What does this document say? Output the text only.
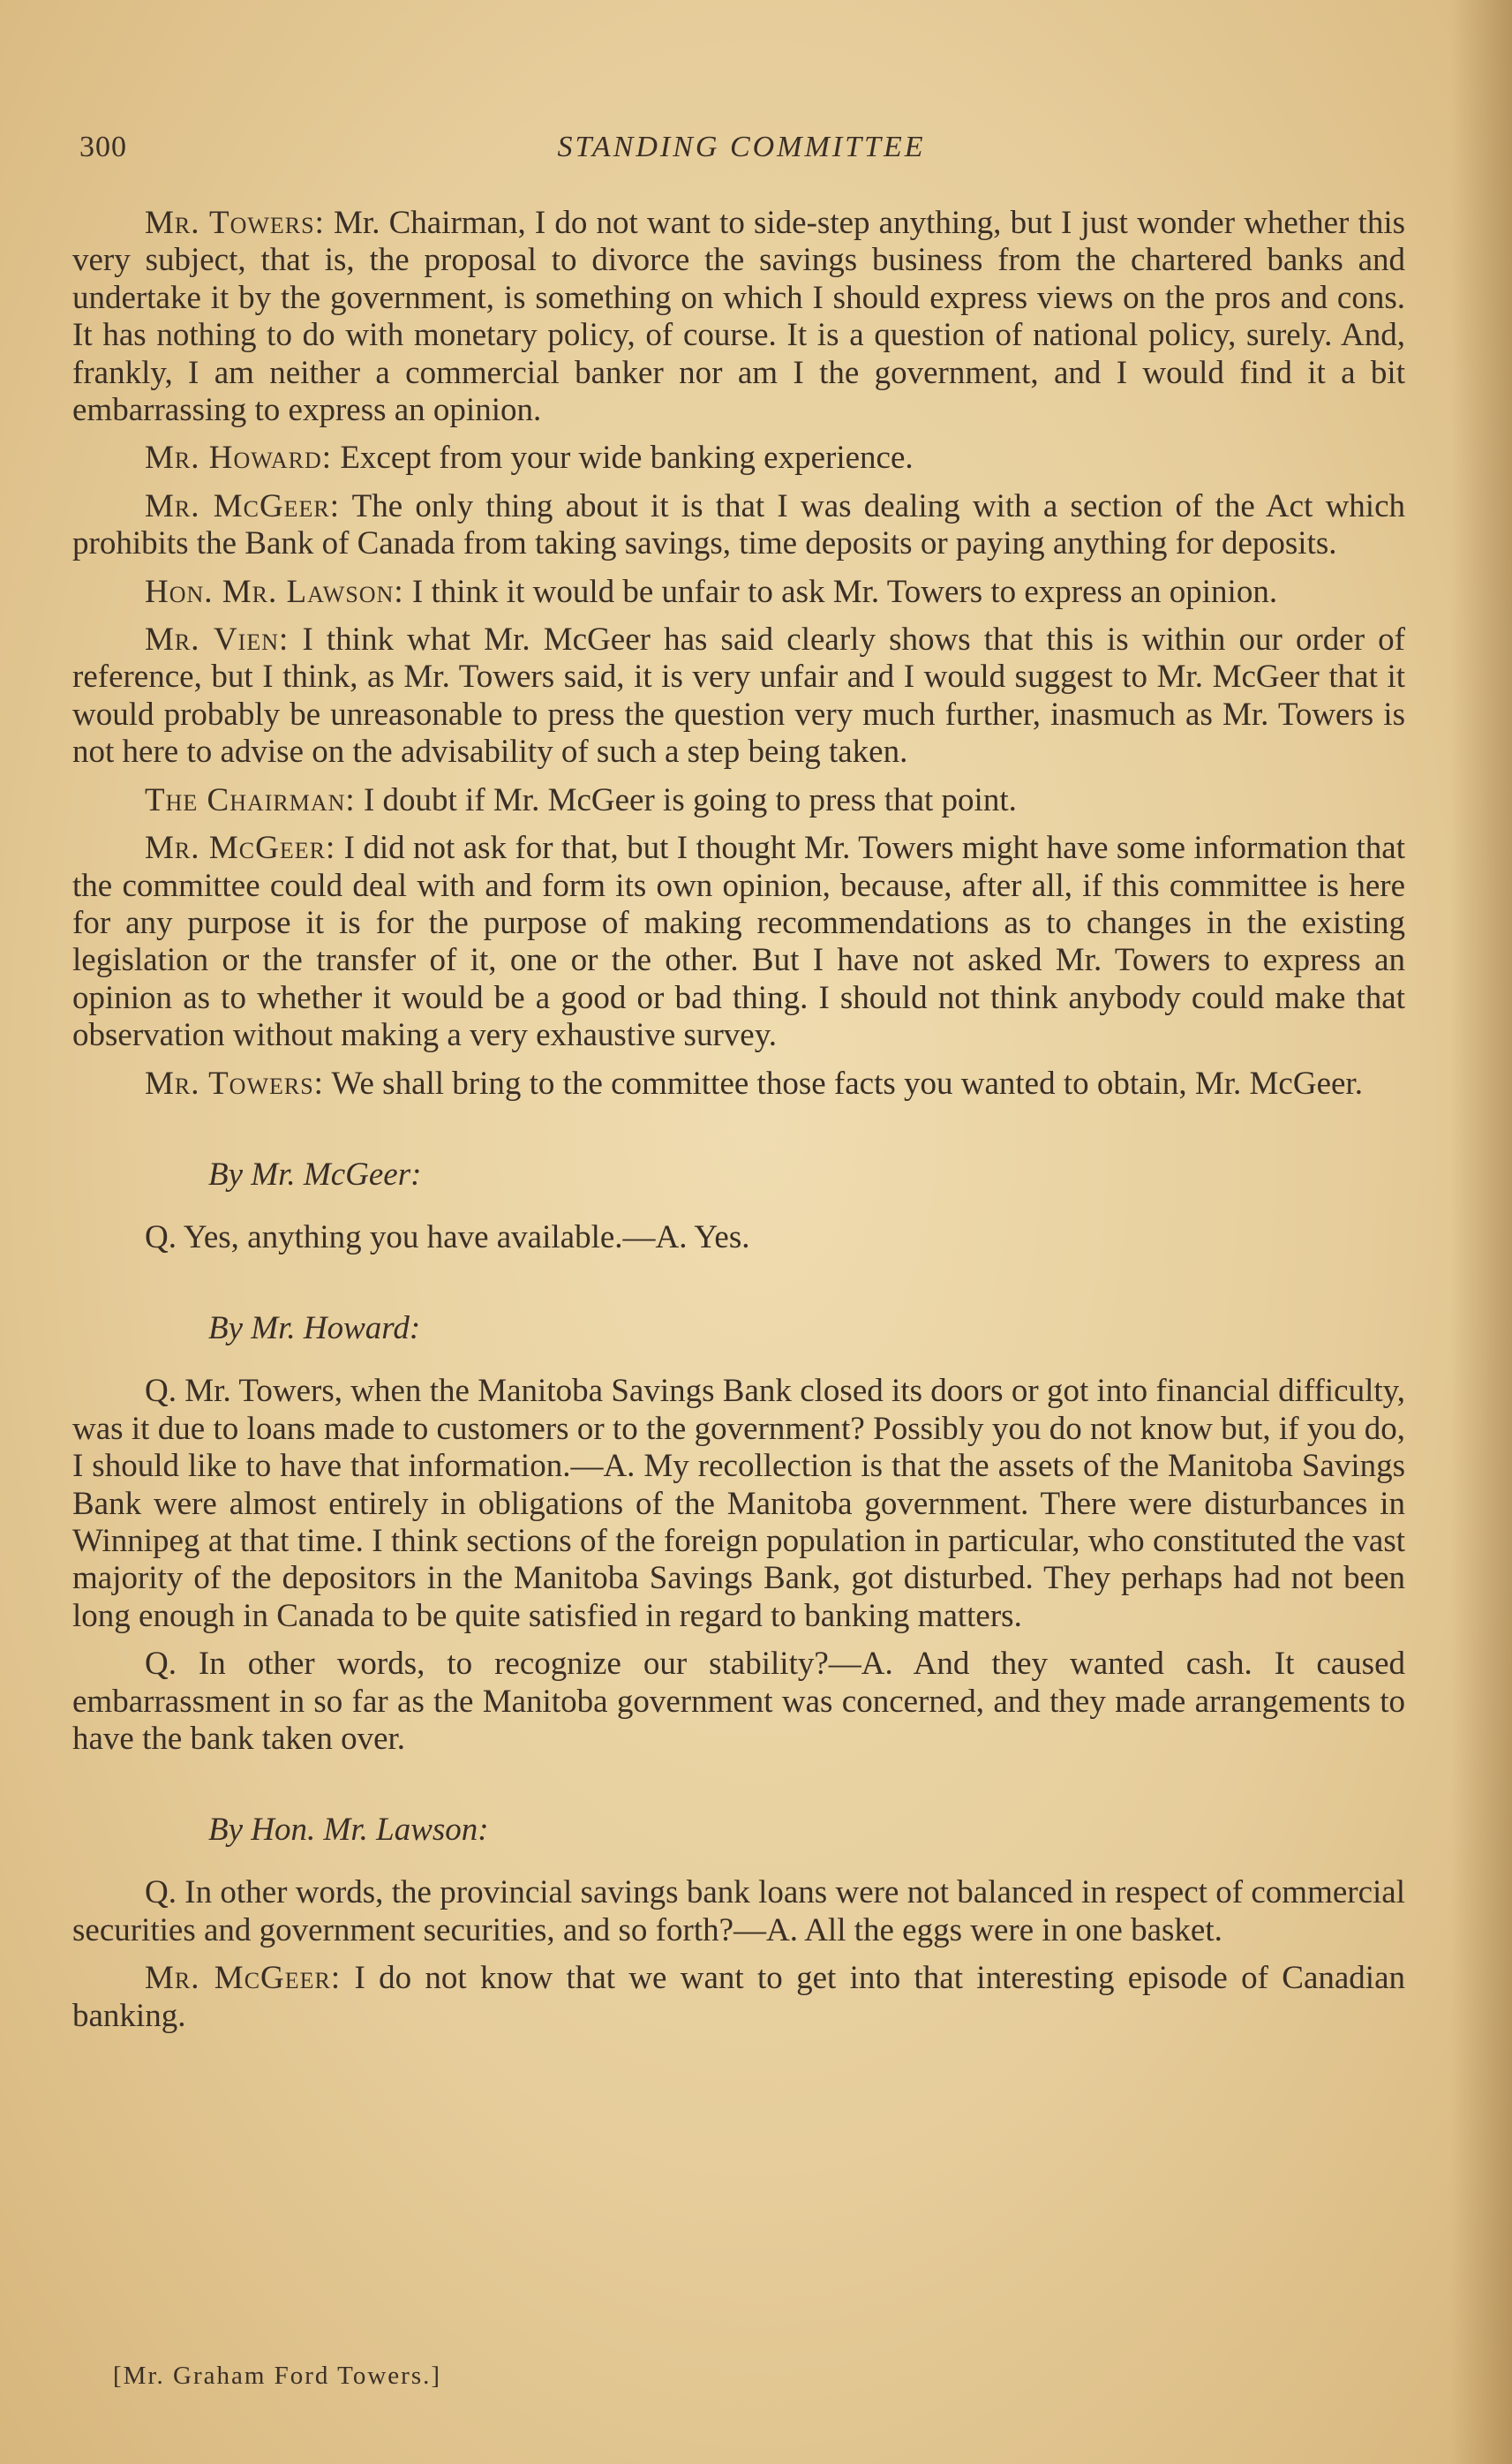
300	STANDING COMMITTEE

Mr. Towers: Mr. Chairman, I do not want to side-step anything, but I just wonder whether this very subject, that is, the proposal to divorce the savings business from the chartered banks and undertake it by the government, is something on which I should express views on the pros and cons. It has nothing to do with monetary policy, of course. It is a question of national policy, surely. And, frankly, I am neither a commercial banker nor am I the government, and I would find it a bit embarrassing to express an opinion.

Mr. Howard: Except from your wide banking experience.

Mr. McGeer: The only thing about it is that I was dealing with a section of the Act which prohibits the Bank of Canada from taking savings, time deposits or paying anything for deposits.

Hon. Mr. Lawson: I think it would be unfair to ask Mr. Towers to express an opinion.

Mr. Vien: I think what Mr. McGeer has said clearly shows that this is within our order of reference, but I think, as Mr. Towers said, it is very unfair and I would suggest to Mr. McGeer that it would probably be unreasonable to press the question very much further, inasmuch as Mr. Towers is not here to advise on the advisability of such a step being taken.

The Chairman: I doubt if Mr. McGeer is going to press that point.

Mr. McGeer: I did not ask for that, but I thought Mr. Towers might have some information that the committee could deal with and form its own opinion, because, after all, if this committee is here for any purpose it is for the purpose of making recommendations as to changes in the existing legislation or the transfer of it, one or the other. But I have not asked Mr. Towers to express an opinion as to whether it would be a good or bad thing. I should not think anybody could make that observation without making a very exhaustive survey.

Mr. Towers: We shall bring to the committee those facts you wanted to obtain, Mr. McGeer.

By Mr. McGeer:

Q. Yes, anything you have available.—A. Yes.

By Mr. Howard:

Q. Mr. Towers, when the Manitoba Savings Bank closed its doors or got into financial difficulty, was it due to loans made to customers or to the government? Possibly you do not know but, if you do, I should like to have that information.—A. My recollection is that the assets of the Manitoba Savings Bank were almost entirely in obligations of the Manitoba government. There were disturbances in Winnipeg at that time. I think sections of the foreign population in particular, who constituted the vast majority of the depositors in the Manitoba Savings Bank, got disturbed. They perhaps had not been long enough in Canada to be quite satisfied in regard to banking matters.

Q. In other words, to recognize our stability?—A. And they wanted cash. It caused embarrassment in so far as the Manitoba government was concerned, and they made arrangements to have the bank taken over.

By Hon. Mr. Lawson:

Q. In other words, the provincial savings bank loans were not balanced in respect of commercial securities and government securities, and so forth?—A. All the eggs were in one basket.

Mr. McGeer: I do not know that we want to get into that interesting episode of Canadian banking.

[Mr. Graham Ford Towers.]
